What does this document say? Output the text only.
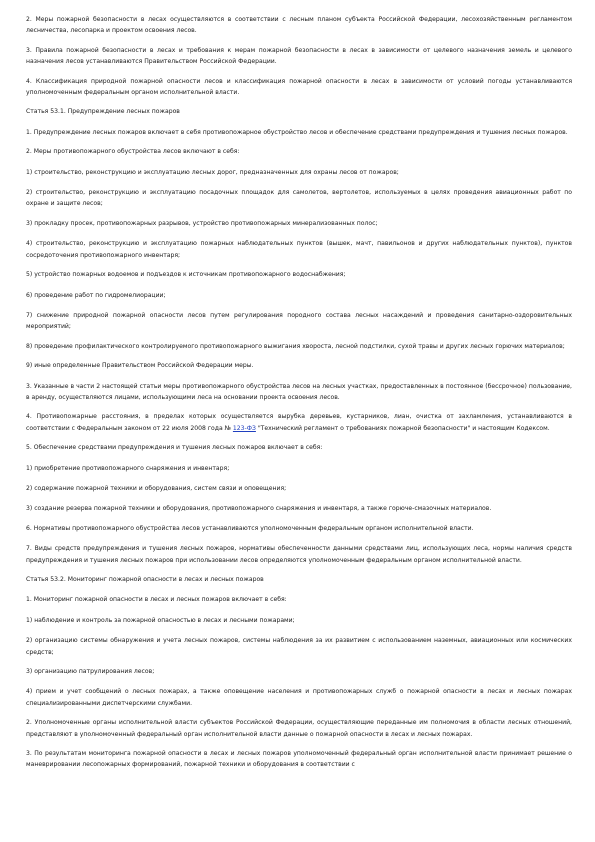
2. Меры пожарной безопасности в лесах осуществляются в соответствии с лесным планом субъекта Российской Федерации, лесохозяйственным регламентом лесничества, лесопарка и проектом освоения лесов.

3. Правила пожарной безопасности в лесах и требования к мерам пожарной безопасности в лесах в зависимости от целевого назначения земель и целевого назначения лесов устанавливаются Правительством Российской Федерации.

4. Классификация природной пожарной опасности лесов и классификация пожарной опасности в лесах в зависимости от условий погоды устанавливаются уполномоченным федеральным органом исполнительной власти.

Статья 53.1. Предупреждение лесных пожаров

1. Предупреждение лесных пожаров включает в себя противопожарное обустройство лесов и обеспечение средствами предупреждения и тушения лесных пожаров.

2. Меры противопожарного обустройства лесов включают в себя:

1) строительство, реконструкцию и эксплуатацию лесных дорог, предназначенных для охраны лесов от пожаров;

2) строительство, реконструкцию и эксплуатацию посадочных площадок для самолетов, вертолетов, используемых в целях проведения авиационных работ по охране и защите лесов;

3) прокладку просек, противопожарных разрывов, устройство противопожарных минерализованных полос;

4) строительство, реконструкцию и эксплуатацию пожарных наблюдательных пунктов (вышек, мачт, павильонов и других наблюдательных пунктов), пунктов сосредоточения противопожарного инвентаря;

5) устройство пожарных водоемов и подъездов к источникам противопожарного водоснабжения;

6) проведение работ по гидромелиорации;

7) снижение природной пожарной опасности лесов путем регулирования породного состава лесных насаждений и проведения санитарно-оздоровительных мероприятий;

8) проведение профилактического контролируемого противопожарного выжигания хвороста, лесной подстилки, сухой травы и других лесных горючих материалов;

9) иные определенные Правительством Российской Федерации меры.

3. Указанные в части 2 настоящей статьи меры противопожарного обустройства лесов на лесных участках, предоставленных в постоянное (бессрочное) пользование, в аренду, осуществляются лицами, использующими леса на основании проекта освоения лесов.

4. Противопожарные расстояния, в пределах которых осуществляется вырубка деревьев, кустарников, лиан, очистка от захламления, устанавливаются в соответствии с Федеральным законом от 22 июля 2008 года № 123-ФЗ "Технический регламент о требованиях пожарной безопасности" и настоящим Кодексом.

5. Обеспечение средствами предупреждения и тушения лесных пожаров включает в себя:

1) приобретение противопожарного снаряжения и инвентаря;

2) содержание пожарной техники и оборудования, систем связи и оповещения;

3) создание резерва пожарной техники и оборудования, противопожарного снаряжения и инвентаря, а также горюче-смазочных материалов.

6. Нормативы противопожарного обустройства лесов устанавливаются уполномоченным федеральным органом исполнительной власти.

7. Виды средств предупреждения и тушения лесных пожаров, нормативы обеспеченности данными средствами лиц, использующих леса, нормы наличия средств предупреждения и тушения лесных пожаров при использовании лесов определяются уполномоченным федеральным органом исполнительной власти.

Статья 53.2. Мониторинг пожарной опасности в лесах и лесных пожаров

1. Мониторинг пожарной опасности в лесах и лесных пожаров включает в себя:

1) наблюдение и контроль за пожарной опасностью в лесах и лесными пожарами;

2) организацию системы обнаружения и учета лесных пожаров, системы наблюдения за их развитием с использованием наземных, авиационных или космических средств;

3) организацию патрулирования лесов;

4) прием и учет сообщений о лесных пожарах, а также оповещение населения и противопожарных служб о пожарной опасности в лесах и лесных пожарах специализированными диспетчерскими службами.

2. Уполномоченные органы исполнительной власти субъектов Российской Федерации, осуществляющие переданные им полномочия в области лесных отношений, представляют в уполномоченный федеральный орган исполнительной власти данные о пожарной опасности в лесах и лесных пожарах.

3. По результатам мониторинга пожарной опасности в лесах и лесных пожаров уполномоченный федеральный орган исполнительной власти принимает решение о маневрировании лесопожарных формирований, пожарной техники и оборудования в соответствии с
